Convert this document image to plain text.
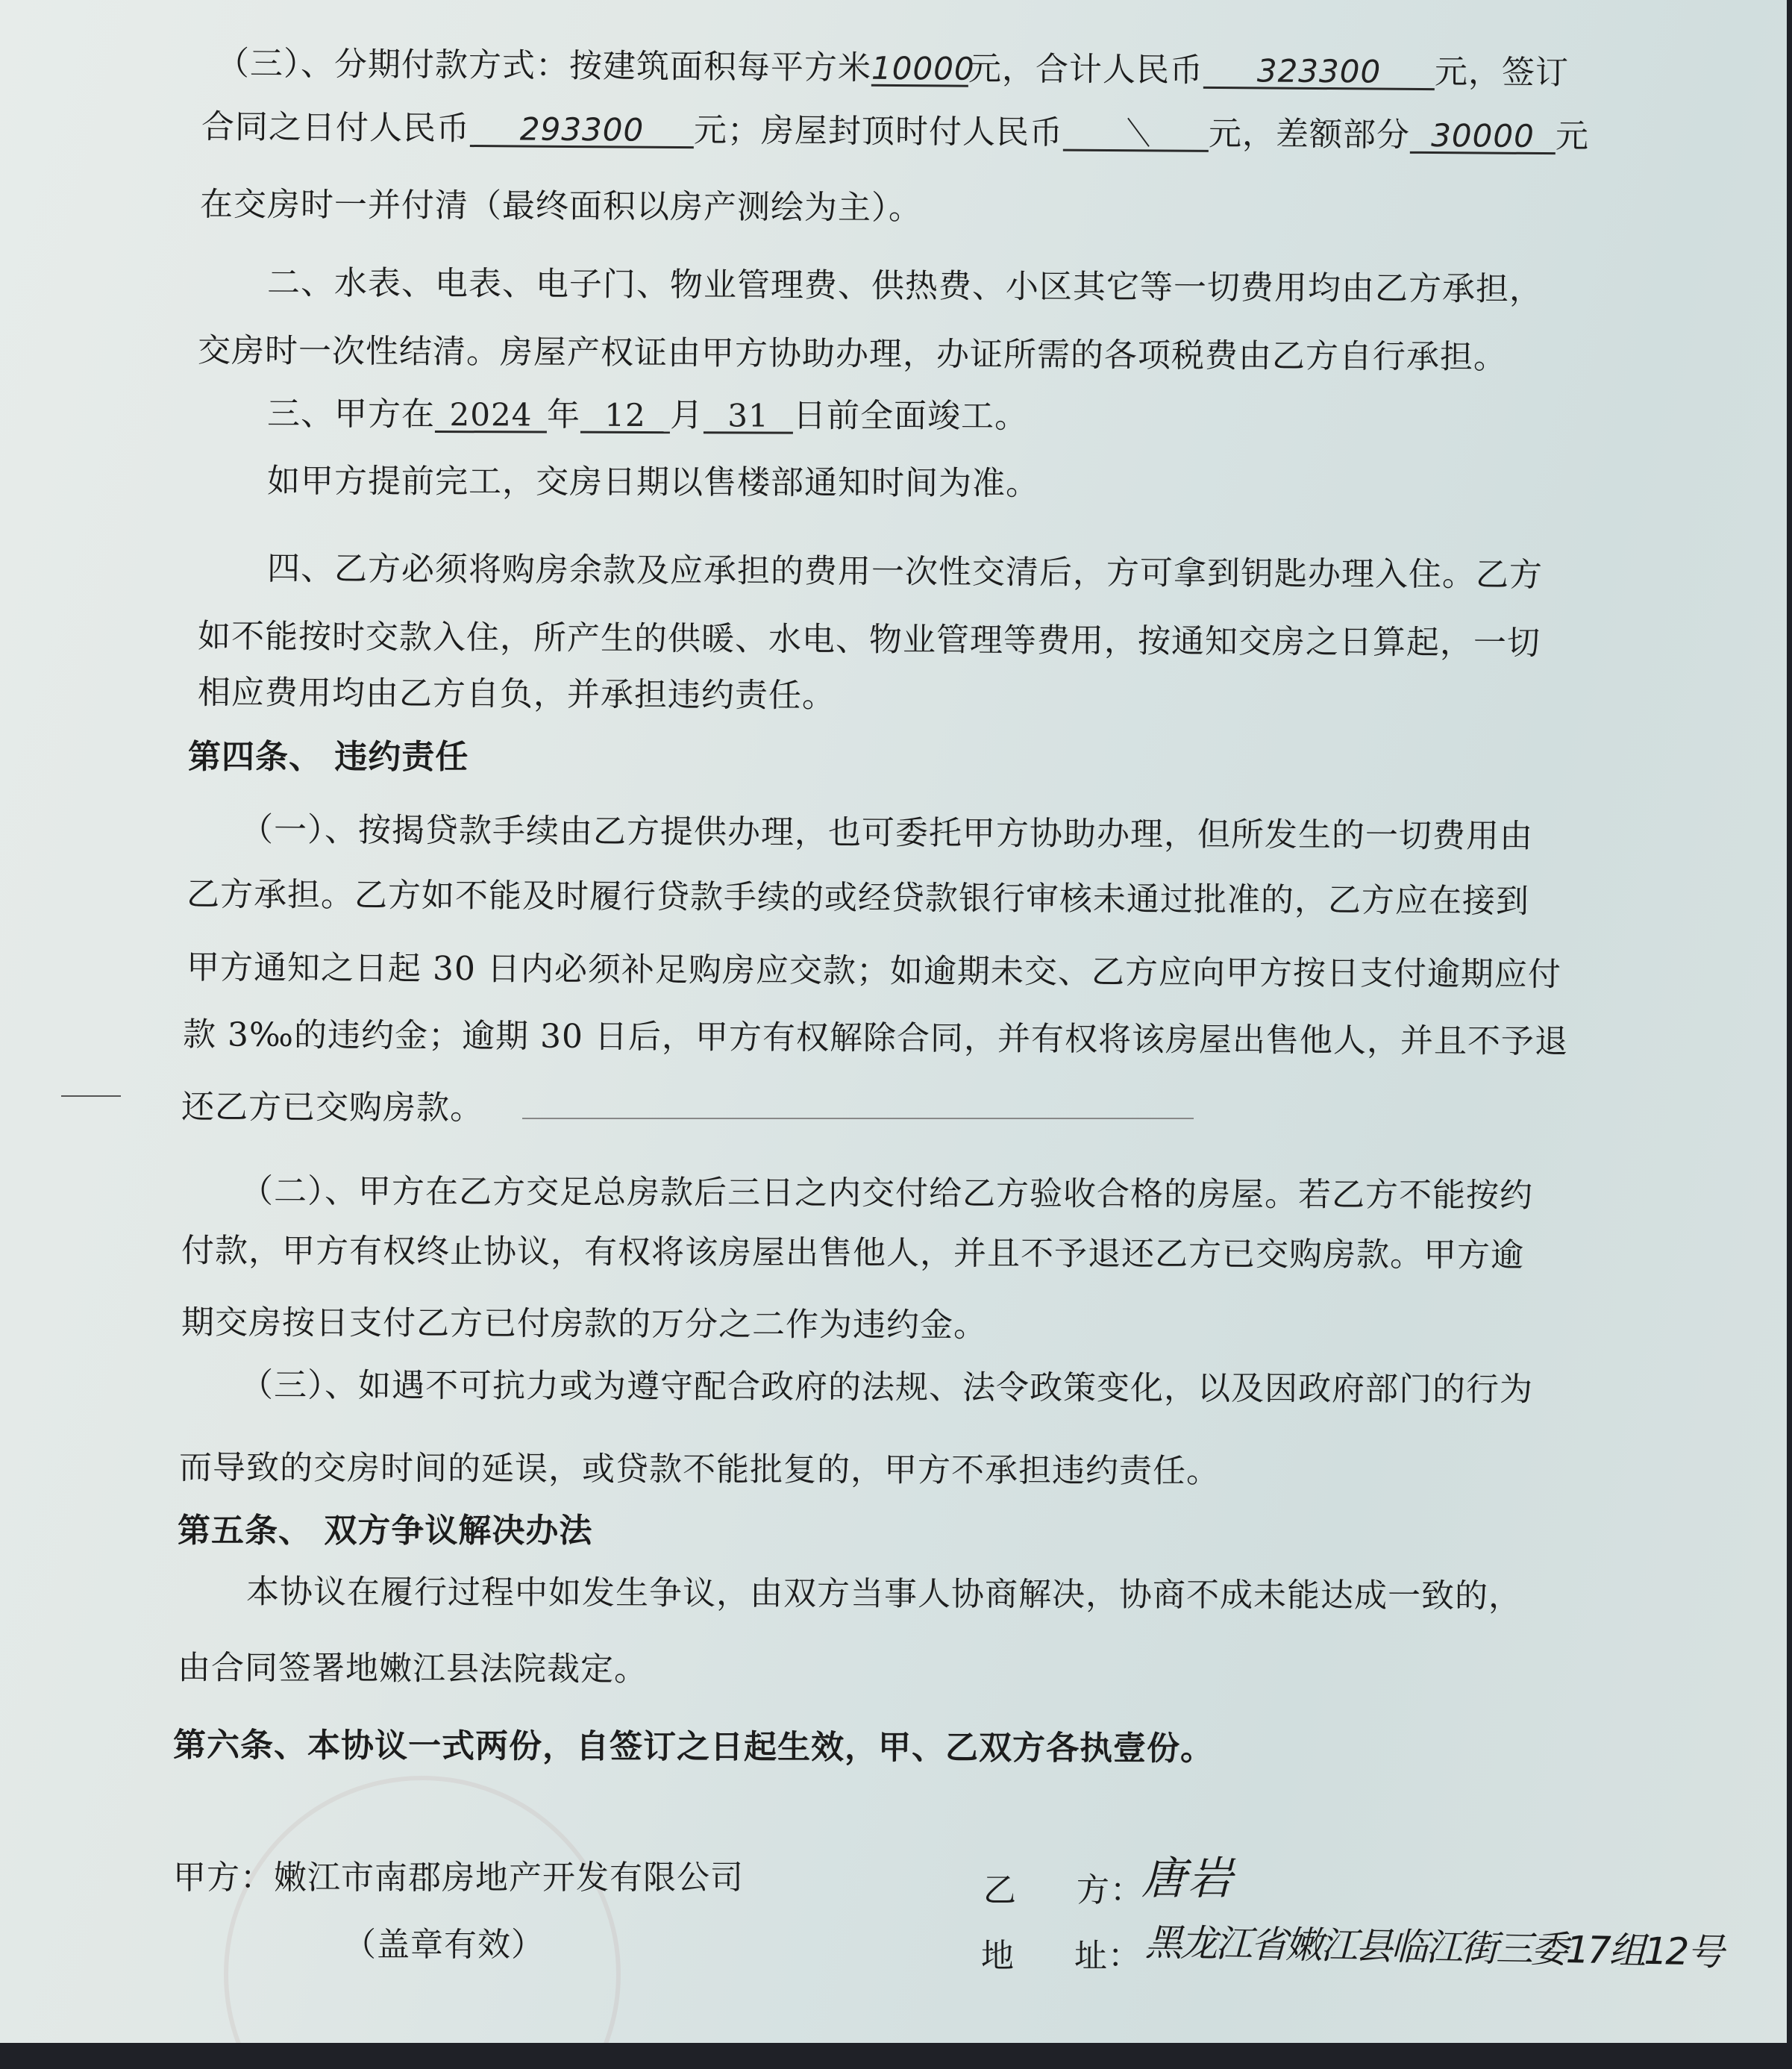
（三）、分期付款方式：按建筑面积每平方米10000元，合计人民币 323300 元，签订
合同之日付人民币 293300 元；房屋封顶时付人民币 ＼ 元，差额部分 30000 元
在交房时一并付清（最终面积以房产测绘为主）。
二、水表、电表、电子门、物业管理费、供热费、小区其它等一切费用均由乙方承担，
交房时一次性结清。房屋产权证由甲方协助办理，办证所需的各项税费由乙方自行承担。
三、甲方在 2024 年 12 月 31 日前全面竣工。
如甲方提前完工，交房日期以售楼部通知时间为准。
四、乙方必须将购房余款及应承担的费用一次性交清后，方可拿到钥匙办理入住。乙方
如不能按时交款入住，所产生的供暖、水电、物业管理等费用，按通知交房之日算起，一切
相应费用均由乙方自负，并承担违约责任。
第四条、 违约责任
（一）、按揭贷款手续由乙方提供办理，也可委托甲方协助办理，但所发生的一切费用由
乙方承担。乙方如不能及时履行贷款手续的或经贷款银行审核未通过批准的，乙方应在接到
甲方通知之日起 30 日内必须补足购房应交款；如逾期未交、乙方应向甲方按日支付逾期应付
款 3‰的违约金；逾期 30 日后，甲方有权解除合同，并有权将该房屋出售他人，并且不予退
还乙方已交购房款。
（二）、甲方在乙方交足总房款后三日之内交付给乙方验收合格的房屋。若乙方不能按约
付款，甲方有权终止协议，有权将该房屋出售他人，并且不予退还乙方已交购房款。甲方逾
期交房按日支付乙方已付房款的万分之二作为违约金。
（三）、如遇不可抗力或为遵守配合政府的法规、法令政策变化，以及因政府部门的行为
而导致的交房时间的延误，或贷款不能批复的，甲方不承担违约责任。
第五条、 双方争议解决办法
本协议在履行过程中如发生争议，由双方当事人协商解决，协商不成未能达成一致的，
由合同签署地嫩江县法院裁定。
第六条、本协议一式两份，自签订之日起生效，甲、乙双方各执壹份。
甲方：嫩江市南郡房地产开发有限公司
（盖章有效）
乙 方：
唐岩
地 址： 黑龙江省嫩江县临江街三委17组12号
